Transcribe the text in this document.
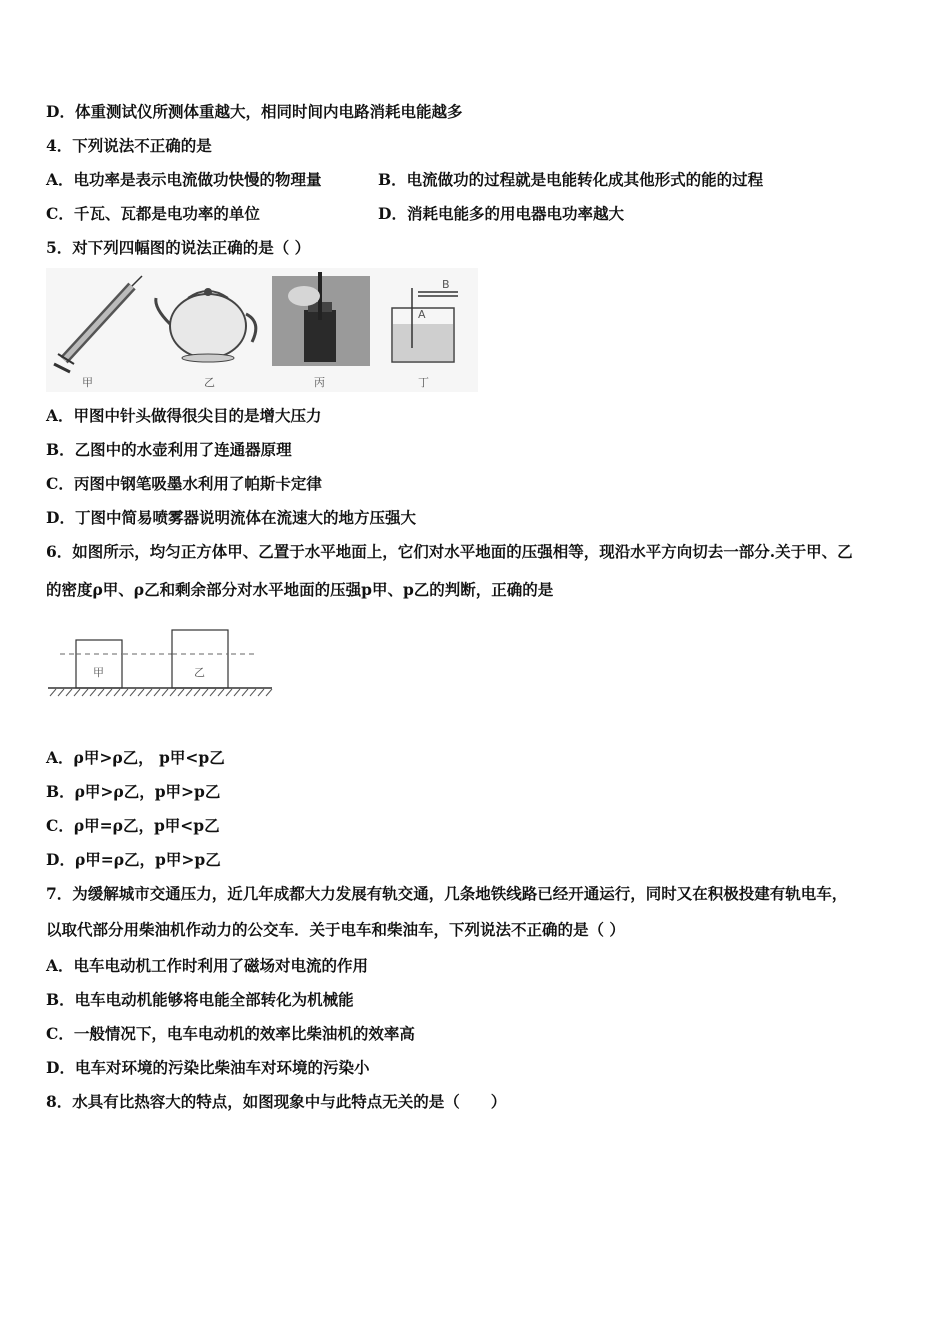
D．体重测试仪所测体重越大，相同时间内电路消耗电能越多
4．下列说法不正确的是
A．电功率是表示电流做功快慢的物理量	B．电流做功的过程就是电能转化成其他形式的能的过程
C．千瓦、瓦都是电功率的单位	D．消耗电能多的用电器电功率越大
5．对下列四幅图的说法正确的是（ ）
B
A
甲	乙	丙	丁
A．甲图中针头做得很尖目的是增大压力
B．乙图中的水壶利用了连通器原理
C．丙图中钢笔吸墨水利用了帕斯卡定律
D．丁图中简易喷雾器说明流体在流速大的地方压强大
6．如图所示，均匀正方体甲、乙置于水平地面上，它们对水平地面的压强相等，现沿水平方向切去一部分.关于甲、乙
的密度ρ甲、ρ乙和剩余部分对水平地面的压强p甲、p乙的判断，正确的是
甲	乙
A．ρ甲>ρ乙， p甲<p乙
B．ρ甲>ρ乙，p甲>p乙
C．ρ甲=ρ乙，p甲<p乙
D．ρ甲=ρ乙，p甲>p乙
7．为缓解城市交通压力，近几年成都大力发展有轨交通，几条地铁线路已经开通运行，同时又在积极投建有轨电车，
以取代部分用柴油机作动力的公交车．关于电车和柴油车，下列说法不正确的是（ ）
A．电车电动机工作时利用了磁场对电流的作用
B．电车电动机能够将电能全部转化为机械能
C．一般情况下，电车电动机的效率比柴油机的效率高
D．电车对环境的污染比柴油车对环境的污染小
8．水具有比热容大的特点，如图现象中与此特点无关的是（　　）
